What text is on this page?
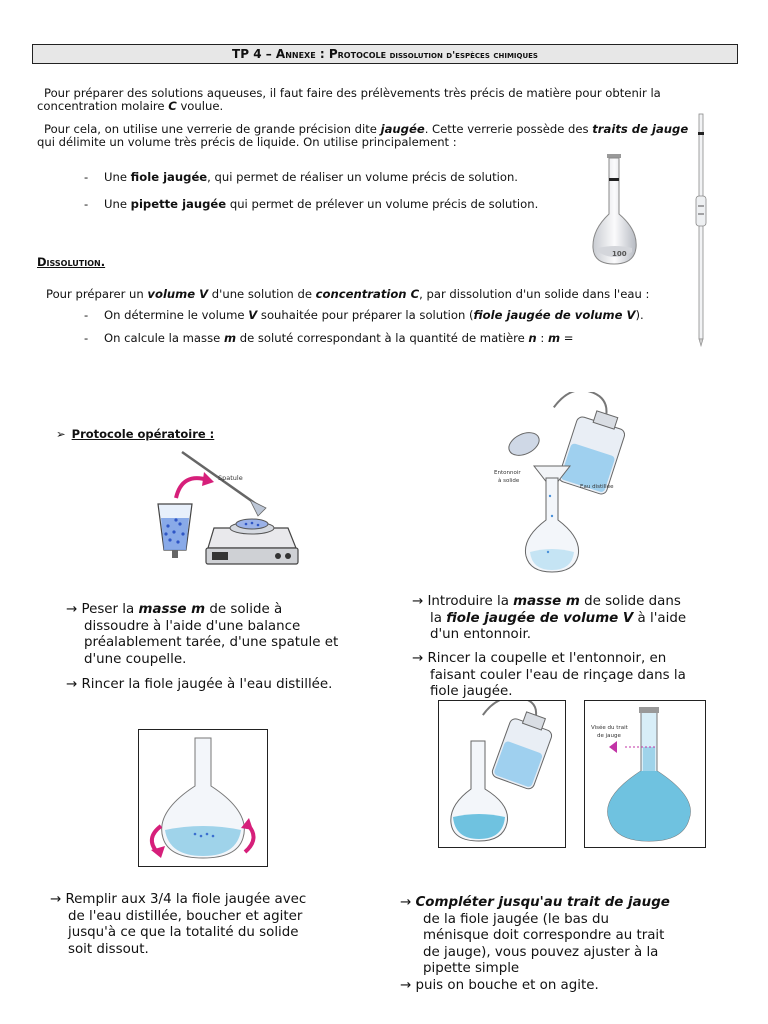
TP 4 – Annexe : Protocole dissolution d'espèces chimiques
Pour préparer des solutions aqueuses, il faut faire des prélèvements très précis de matière pour obtenir la
concentration molaire C voulue.
Pour cela, on utilise une verrerie de grande précision dite jaugée. Cette verrerie possède des traits de jauge
qui délimite un volume très précis de liquide. On utilise principalement :
- Une fiole jaugée, qui permet de réaliser un volume précis de solution.
- Une pipette jaugée qui permet de prélever un volume précis de solution.
100
Dissolution.
Pour préparer un volume V d'une solution de concentration C, par dissolution d'un solide dans l'eau :
- On détermine le volume V souhaitée pour préparer la solution (fiole jaugée de volume V).
- On calcule la masse m de soluté correspondant à la quantité de matière n : m =
➢ Protocole opératoire :
Spatule
Entonnoir
à solide
Eau distillée
→ Peser la masse m de solide à
dissoudre à l'aide d'une balance
préalablement tarée, d'une spatule et
d'une coupelle.
→ Rincer la fiole jaugée à l'eau distillée.
→ Introduire la masse m de solide dans
la fiole jaugée de volume V à l'aide
d'un entonnoir.
→ Rincer la coupelle et l'entonnoir, en
faisant couler l'eau de rinçage dans la
fiole jaugée.
Visée du trait
de jauge
→ Remplir aux 3/4 la fiole jaugée avec
de l'eau distillée, boucher et agiter
jusqu'à ce que la totalité du solide
soit dissout.
→ Compléter jusqu'au trait de jauge
de la fiole jaugée (le bas du
ménisque doit correspondre au trait
de jauge), vous pouvez ajuster à la
pipette simple
→ puis on bouche et on agite.
